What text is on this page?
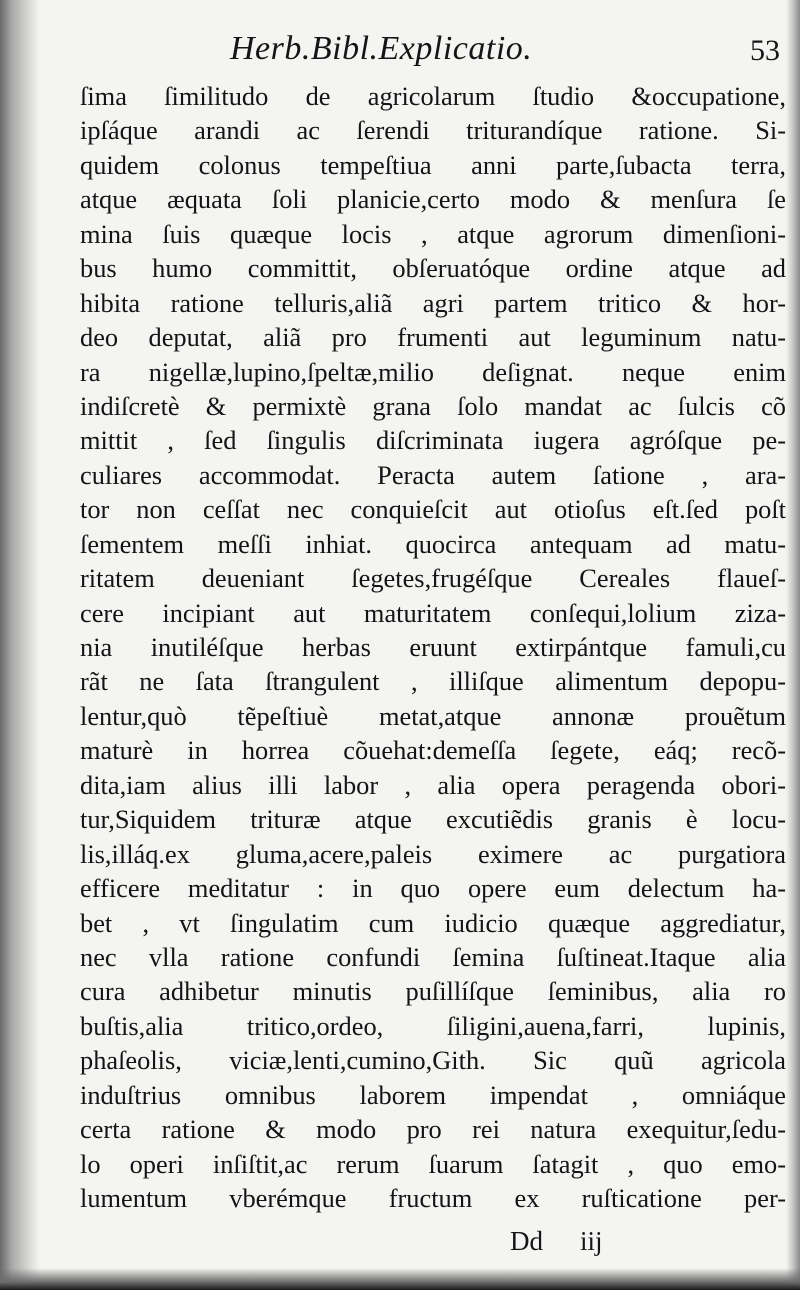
Herb.Bibl.Explicatio.	53
ſima ſimilitudo de agricolarum ſtudio &occupatione,
ipſáque arandi ac ſerendi triturandíque ratione. Si-
quidem colonus tempeſtiua anni parte,ſubacta terra,
atque æquata ſoli planicie,certo modo & menſura ſe
mina ſuis quæque locis , atque agrorum dimenſioni-
bus humo committit, obſeruatóque ordine atque ad
hibita ratione telluris,aliã agri partem tritico & hor-
deo deputat, aliã pro frumenti aut leguminum natu-
ra nigellæ,lupino,ſpeltæ,milio deſignat. neque enim
indiſcretè & permixtè grana ſolo mandat ac ſulcis cõ
mittit , ſed ſingulis diſcriminata iugera agróſque pe-
culiares accommodat. Peracta autem ſatione , ara-
tor non ceſſat nec conquieſcit aut otioſus eſt.ſed poſt
ſementem meſſi inhiat. quocirca antequam ad matu-
ritatem deueniant ſegetes,frugéſque Cereales flaueſ-
cere incipiant aut maturitatem conſequi,lolium ziza-
nia inutiléſque herbas eruunt extirpántque famuli,cu
rãt ne ſata ſtrangulent , illiſque alimentum depopu-
lentur,quò tẽpeſtiuè metat,atque annonæ prouẽtum
maturè in horrea cõuehat:demeſſa ſegete, eáq; recõ-
dita,iam alius illi labor , alia opera peragenda obori-
tur,Siquidem trituræ atque excutiẽdis granis è locu-
lis,illáq.ex gluma,acere,paleis eximere ac purgatiora
efficere meditatur : in quo opere eum delectum ha-
bet , vt ſingulatim cum iudicio quæque aggrediatur,
nec vlla ratione confundi ſemina ſuſtineat.Itaque alia
cura adhibetur minutis puſillíſque ſeminibus, alia ro
buſtis,alia tritico,ordeo, ſiligini,auena,farri, lupinis,
phaſeolis, viciæ,lenti,cumino,Gith. Sic quũ agricola
induſtrius omnibus laborem impendat , omniáque
certa ratione & modo pro rei natura exequitur,ſedu-
lo operi inſiſtit,ac rerum ſuarum ſatagit , quo emo-
lumentum vberémque fructum ex ruſticatione per-
Dd iij
